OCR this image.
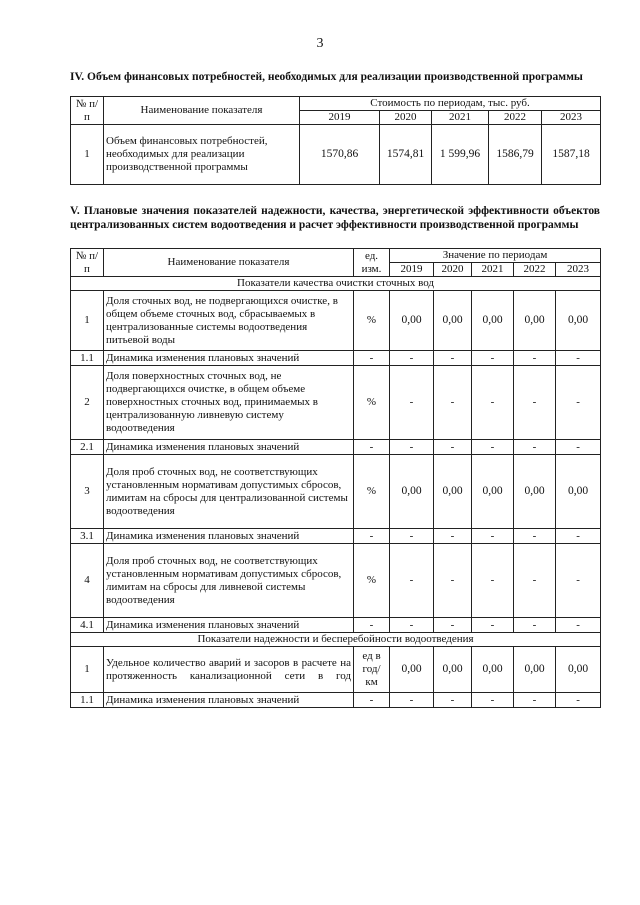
3
IV. Объем финансовых потребностей, необходимых для реализации производственной программы
№ п/п	Наименование показателя	Стоимость по периодам, тыс. руб.				
		2019	2020	2021	2022	2023
1	Объем финансовых потребностей, необходимых для реализации производственной программы	1570,86	1574,81	1 599,96	1586,79	1587,18
V. Плановые значения показателей надежности, качества, энергетической эффективности объектов централизованных систем водоотведения и расчет эффективности производственной программы
№ п/п	Наименование показателя	ед. изм.	Значение по периодам				
			2019	2020	2021	2022	2023
Показатели качества очистки сточных вод							
1	Доля сточных вод, не подвергающихся очистке, в общем объеме сточных вод, сбрасываемых в централизованные системы водоотведения питьевой воды	%	0,00	0,00	0,00	0,00	0,00
1.1	Динамика изменения плановых значений	-	-	-	-	-	-
2	Доля поверхностных сточных вод, не подвергающихся очистке, в общем объеме поверхностных сточных вод, принимаемых в централизованную ливневую систему водоотведения	%	-	-	-	-	-
2.1	Динамика изменения плановых значений	-	-	-	-	-	-
3	Доля проб сточных вод, не соответствующих установленным нормативам допустимых сбросов, лимитам на сбросы для централизованной системы водоотведения	%	0,00	0,00	0,00	0,00	0,00
3.1	Динамика изменения плановых значений	-	-	-	-	-	-
4	Доля проб сточных вод, не соответствующих установленным нормативам допустимых сбросов, лимитам на сбросы для ливневой системы водоотведения	%	-	-	-	-	-
4.1	Динамика изменения плановых значений	-	-	-	-	-	-
Показатели надежности и бесперебойности водоотведения							
1	Удельное количество аварий и засоров в расчете на протяженность канализационной сети в год	ед в год/ км	0,00	0,00	0,00	0,00	0,00
1.1	Динамика изменения плановых значений	-	-	-	-	-	-
